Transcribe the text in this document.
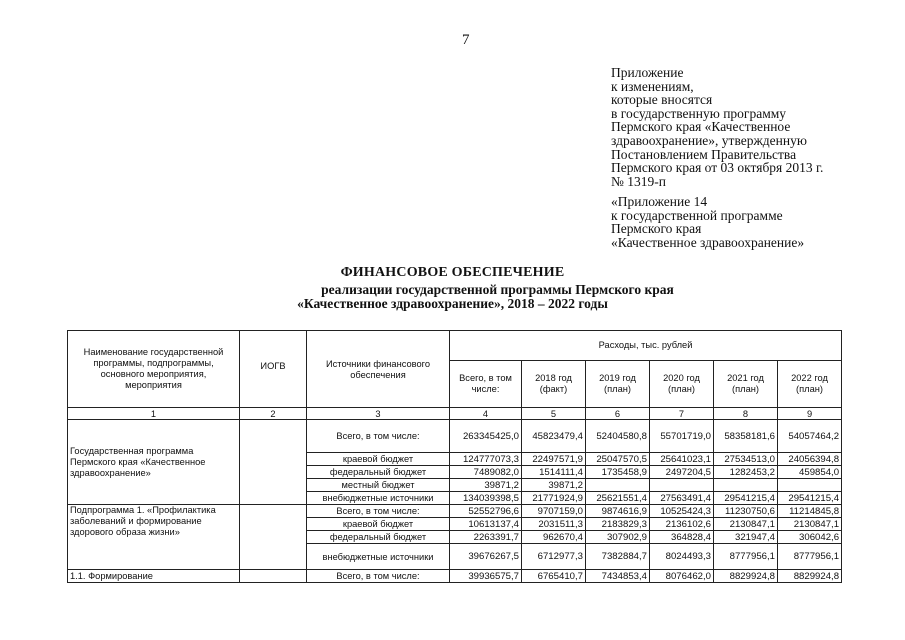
7
Приложение
к изменениям,
которые вносятся
в государственную программу
Пермского края «Качественное
здравоохранение», утвержденную
Постановлением Правительства
Пермского края от 03 октября 2013 г.
№ 1319-п
«Приложение 14
к государственной программе
Пермского края
«Качественное здравоохранение»
ФИНАНСОВОЕ ОБЕСПЕЧЕНИЕ
реализации государственной программы Пермского края
«Качественное здравоохранение», 2018 – 2022 годы
Наименование государственной программы, подпрограммы, основного мероприятия, мероприятия	ИОГВ	Источники финансового обеспечения	Расходы, тыс. рублей					
			Всего, в том числе:	2018 год (факт)	2019 год (план)	2020 год (план)	2021 год (план)	2022 год (план)
1	2	3	4	5	6	7	8	9
Государственная программа Пермского края «Качественное здравоохранение»		Всего, в том числе:	263345425,0	45823479,4	52404580,8	55701719,0	58358181,6	54057464,2
		краевой бюджет	124777073,3	22497571,9	25047570,5	25641023,1	27534513,0	24056394,8
		федеральный бюджет	7489082,0	1514111,4	1735458,9	2497204,5	1282453,2	459854,0
		местный бюджет	39871,2	39871,2				
		внебюджетные источники	134039398,5	21771924,9	25621551,4	27563491,4	29541215,4	29541215,4
Подпрограмма 1. «Профилактика заболеваний и формирование здорового образа жизни»		Всего, в том числе:	52552796,6	9707159,0	9874616,9	10525424,3	11230750,6	11214845,8
		краевой бюджет	10613137,4	2031511,3	2183829,3	2136102,6	2130847,1	2130847,1
		федеральный бюджет	2263391,7	962670,4	307902,9	364828,4	321947,4	306042,6
		внебюджетные источники	39676267,5	6712977,3	7382884,7	8024493,3	8777956,1	8777956,1
1.1. Формирование		Всего, в том числе:	39936575,7	6765410,7	7434853,4	8076462,0	8829924,8	8829924,8
